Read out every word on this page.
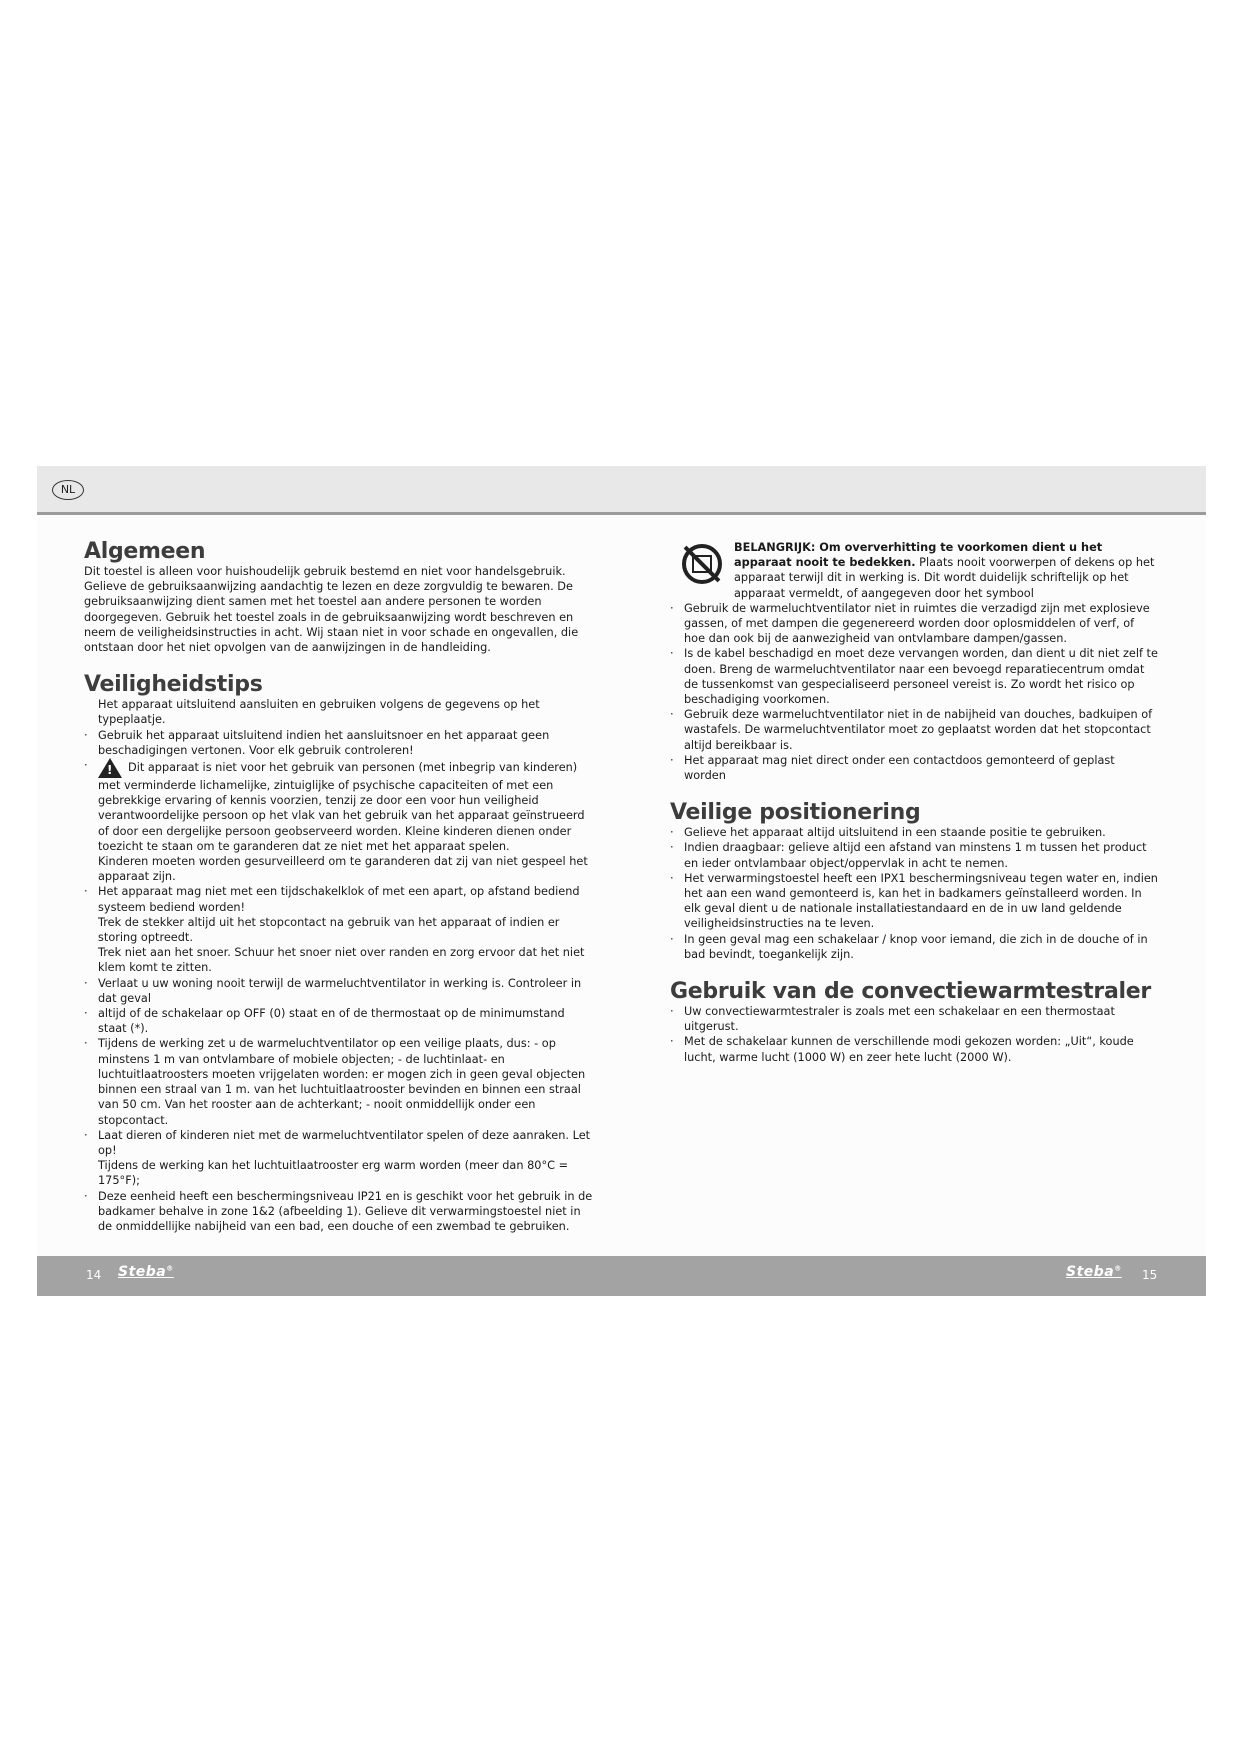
NL
Algemeen

Dit toestel is alleen voor huishoudelijk gebruik bestemd en niet voor handelsgebruik. Gelieve de gebruiksaanwijzing aandachtig te lezen en deze zorgvuldig te bewaren. De gebruiksaanwijzing dient samen met het toestel aan andere personen te worden doorgegeven. Gebruik het toestel zoals in de gebruiksaanwijzing wordt beschreven en neem de veiligheidsinstructies in acht. Wij staan niet in voor schade en ongevallen, die ontstaan door het niet opvolgen van de aanwijzingen in de handleiding.

Veiligheidstips
Het apparaat uitsluitend aansluiten en gebruiken volgens de gegevens op het typeplaatje.
· Gebruik het apparaat uitsluitend indien het aansluitsnoer en het apparaat geen beschadigingen vertonen. Voor elk gebruik controleren!
!· Dit apparaat is niet voor het gebruik van personen (met inbegrip van kinderen) met verminderde lichamelijke, zintuiglijke of psychische capaciteiten of met een gebrekkige ervaring of kennis voorzien, tenzij ze door een voor hun veiligheid verantwoordelijke persoon op het vlak van het gebruik van het apparaat geïnstrueerd of door een dergelijke persoon geobserveerd worden. Kleine kinderen dienen onder toezicht te staan om te garanderen dat ze niet met het apparaat spelen.
Kinderen moeten worden gesurveilleerd om te garanderen dat zij van niet gespeel het apparaat zijn.
· Het apparaat mag niet met een tijdschakelklok of met een apart, op afstand bediend systeem bediend worden!
Trek de stekker altijd uit het stopcontact na gebruik van het apparaat of indien er storing optreedt.
Trek niet aan het snoer. Schuur het snoer niet over randen en zorg ervoor dat het niet klem komt te zitten.
· Verlaat u uw woning nooit terwijl de warmeluchtventilator in werking is. Controleer in dat geval
· altijd of de schakelaar op OFF (0) staat en of de thermostaat op de minimumstand staat (*).
· Tijdens de werking zet u de warmeluchtventilator op een veilige plaats, dus: - op minstens 1 m van ontvlambare of mobiele objecten; - de luchtinlaat- en luchtuitlaatroosters moeten vrijgelaten worden: er mogen zich in geen geval objecten binnen een straal van 1 m. van het luchtuitlaatrooster bevinden en binnen een straal van 50 cm. Van het rooster aan de achterkant; - nooit onmiddellijk onder een stopcontact.
· Laat dieren of kinderen niet met de warmeluchtventilator spelen of deze aanraken. Let op!
Tijdens de werking kan het luchtuitlaatrooster erg warm worden (meer dan 80°C = 175°F);
· Deze eenheid heeft een beschermingsniveau IP21 en is geschikt voor het gebruik in de badkamer behalve in zone 1&2 (afbeelding 1). Gelieve dit verwarmingstoestel niet in de onmiddellijke nabijheid van een bad, een douche of een zwembad te gebruiken.
BELANGRIJK: Om oververhitting te voorkomen dient u het apparaat nooit te bedekken. Plaats nooit voorwerpen of dekens op het apparaat terwijl dit in werking is. Dit wordt duidelijk schriftelijk op het apparaat vermeldt, of aangegeven door het symbool
· Gebruik de warmeluchtventilator niet in ruimtes die verzadigd zijn met explosieve gassen, of met dampen die gegenereerd worden door oplosmiddelen of verf, of hoe dan ook bij de aanwezigheid van ontvlambare dampen/gassen.
· Is de kabel beschadigd en moet deze vervangen worden, dan dient u dit niet zelf te doen. Breng de warmeluchtventilator naar een bevoegd reparatiecentrum omdat de tussenkomst van gespecialiseerd personeel vereist is. Zo wordt het risico op beschadiging voorkomen.
· Gebruik deze warmeluchtventilator niet in de nabijheid van douches, badkuipen of wastafels. De warmeluchtventilator moet zo geplaatst worden dat het stopcontact altijd bereikbaar is.
· Het apparaat mag niet direct onder een contactdoos gemonteerd of geplast worden
Veilige positionering
· Gelieve het apparaat altijd uitsluitend in een staande positie te gebruiken.
· Indien draagbaar: gelieve altijd een afstand van minstens 1 m tussen het product en ieder ontvlambaar object/oppervlak in acht te nemen.
· Het verwarmingstoestel heeft een IPX1 beschermingsniveau tegen water en, indien het aan een wand gemonteerd is, kan het in badkamers geïnstalleerd worden. In elk geval dient u de nationale installatiestandaard en de in uw land geldende veiligheidsinstructies na te leven.
· In geen geval mag een schakelaar / knop voor iemand, die zich in de douche of in bad bevindt, toegankelijk zijn.
Gebruik van de convectiewarmtestraler
· Uw convectiewarmtestraler is zoals met een schakelaar en een thermostaat uitgerust.
· Met de schakelaar kunnen de verschillende modi gekozen worden: „Uit“, koude lucht, warme lucht (1000 W) en zeer hete lucht (2000 W).
14 Steba®	Steba® 15
